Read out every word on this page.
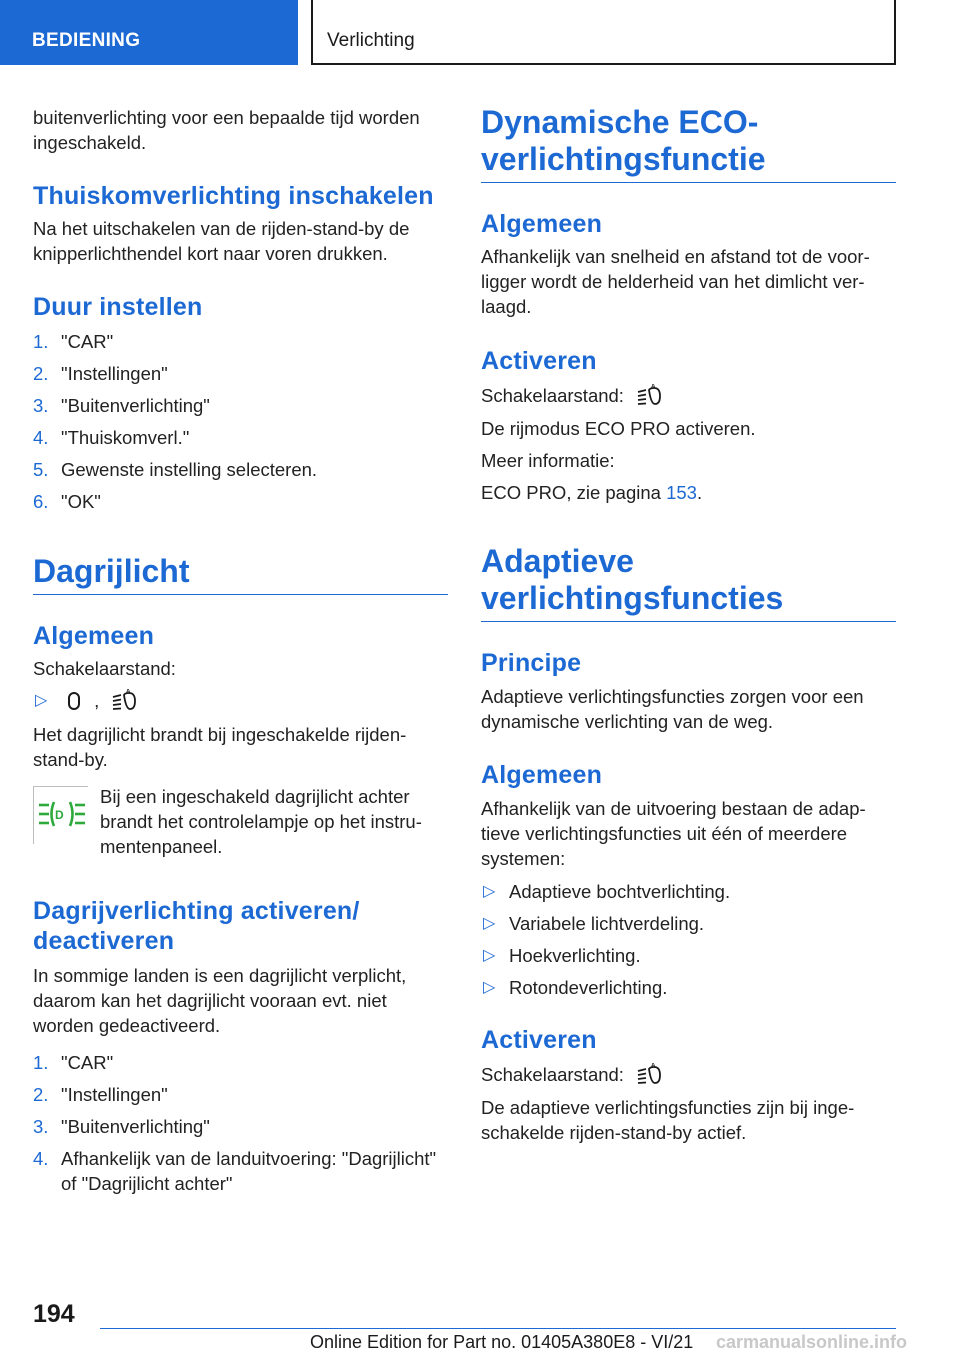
BEDIENING	Verlichting
buitenverlichting voor een bepaalde tijd worden ingeschakeld.
Thuiskomverlichting inschakelen
Na het uitschakelen van de rijden-stand-by de knipperlichthendel kort naar voren drukken.
Duur instellen
1. "CAR"
2. "Instellingen"
3. "Buitenverlichting"
4. "Thuiskomverl."
5. Gewenste instelling selecteren.
6. "OK"
Dagrijlicht
Algemeen
Schakelaarstand:
▷	,	A
Het dagrijlicht brandt bij ingeschakelde rijden-stand-by.
D
Bij een ingeschakeld dagrijlicht achter
brandt het controlelampje op het instru-
mentenpaneel.
Dagrijverlichting activeren/ deactiveren
In sommige landen is een dagrijlicht verplicht, daarom kan het dagrijlicht vooraan evt. niet worden gedeactiveerd.
1. "CAR"
2. "Instellingen"
3. "Buitenverlichting"
4. Afhankelijk van de landuitvoering: "Dagrijlicht" of "Dagrijlicht achter"
Dynamische ECO-
verlichtingsfunctie
Algemeen
Afhankelijk van snelheid en afstand tot de voor-
ligger wordt de helderheid van het dimlicht ver-
laagd.
Activeren
Schakelaarstand:	A
De rijmodus ECO PRO activeren.
Meer informatie:
ECO PRO, zie pagina 153.
Adaptieve
verlichtingsfuncties
Principe
Adaptieve verlichtingsfuncties zorgen voor een dynamische verlichting van de weg.
Algemeen
Afhankelijk van de uitvoering bestaan de adap-
tieve verlichtingsfuncties uit één of meerdere
systemen:
▷ Adaptieve bochtverlichting.
▷ Variabele lichtverdeling.
▷ Hoekverlichting.
▷ Rotondeverlichting.
Activeren
Schakelaarstand:	A
De adaptieve verlichtingsfuncties zijn bij inge-
schakelde rijden-stand-by actief.
194
Online Edition for Part no. 01405A380E8 - VI/21 carmanualsonline.info
